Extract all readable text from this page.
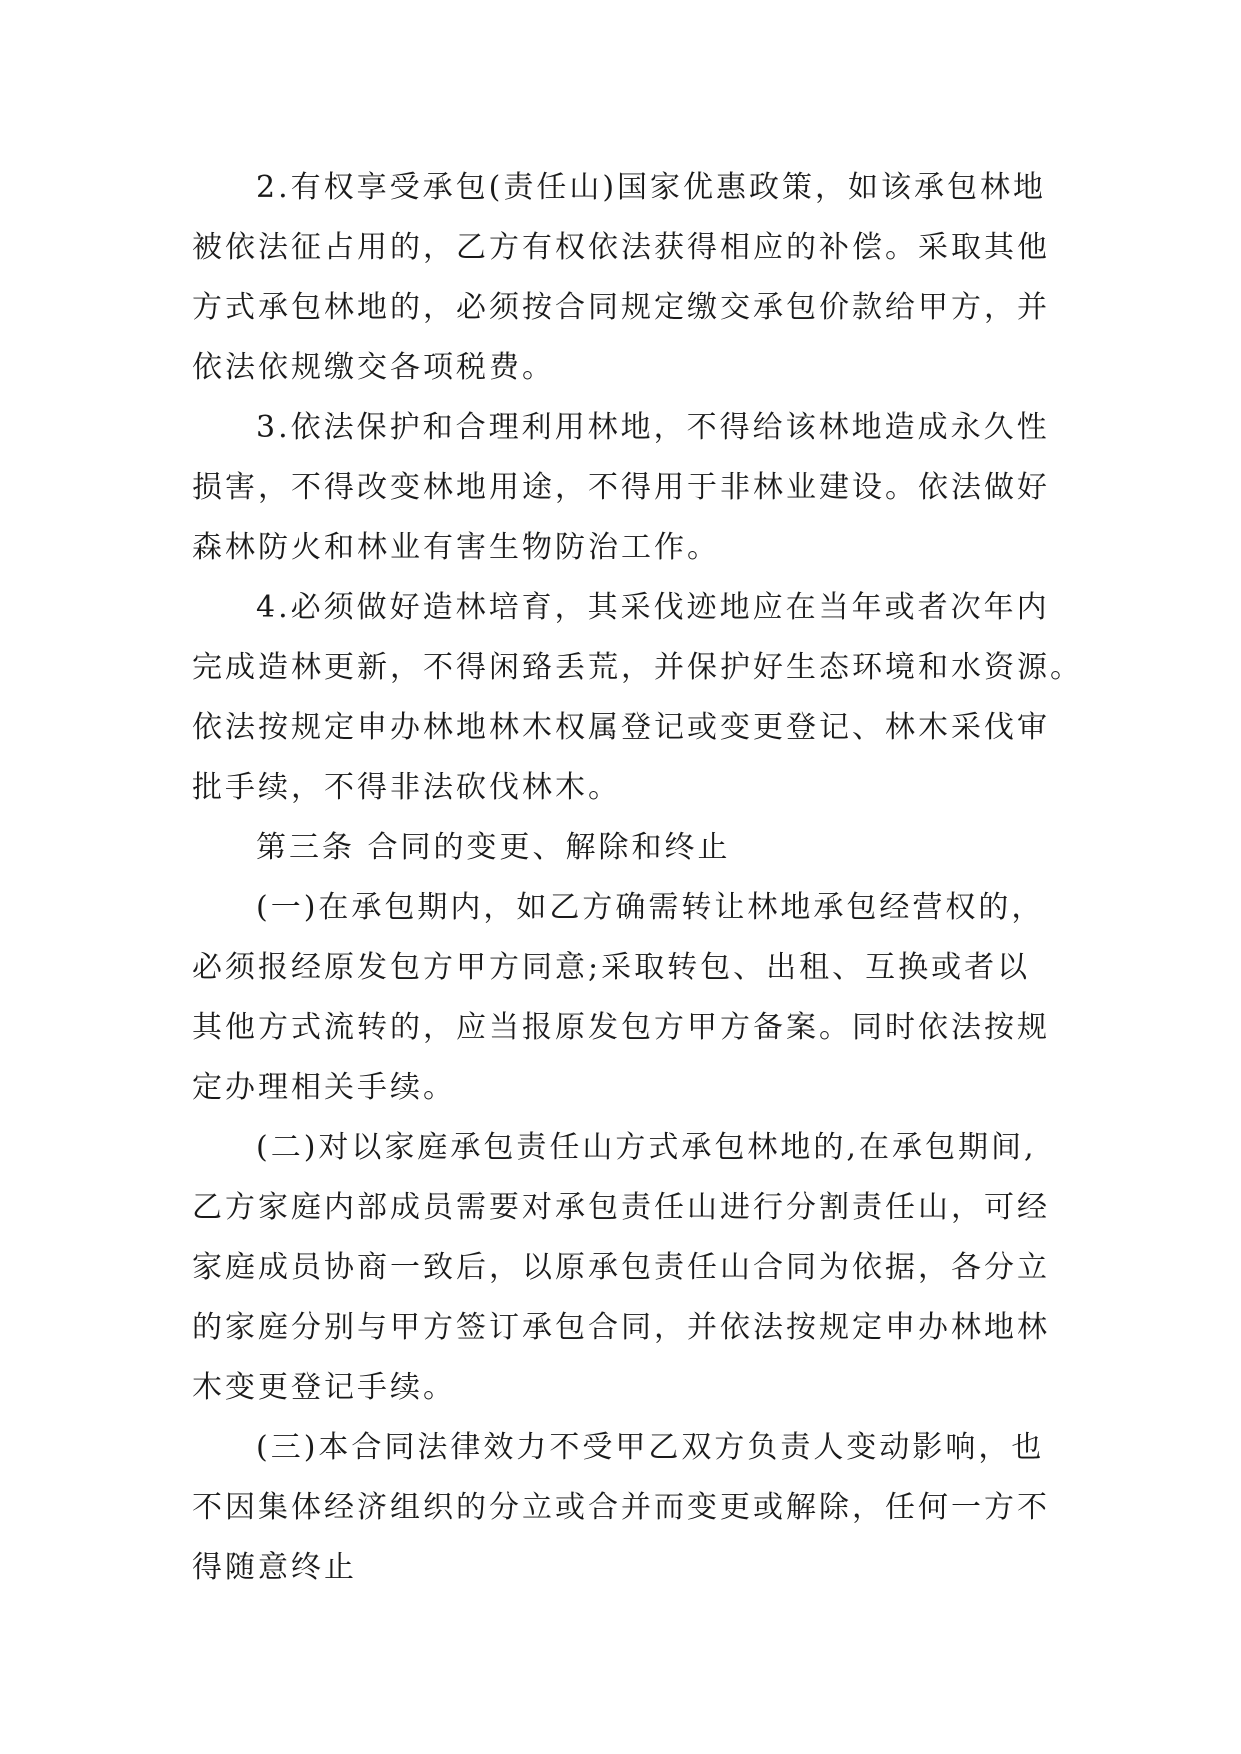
2.有权享受承包(责任山)国家优惠政策，如该承包林地
被依法征占用的，乙方有权依法获得相应的补偿。采取其他
方式承包林地的，必须按合同规定缴交承包价款给甲方，并
依法依规缴交各项税费。
3.依法保护和合理利用林地，不得给该林地造成永久性
损害，不得改变林地用途，不得用于非林业建设。依法做好
森林防火和林业有害生物防治工作。
4.必须做好造林培育，其采伐迹地应在当年或者次年内
完成造林更新，不得闲臵丢荒，并保护好生态环境和水资源。
依法按规定申办林地林木权属登记或变更登记、林木采伐审
批手续，不得非法砍伐林木。
第三条 合同的变更、解除和终止
(一)在承包期内，如乙方确需转让林地承包经营权的，
必须报经原发包方甲方同意;采取转包、出租、互换或者以
其他方式流转的，应当报原发包方甲方备案。同时依法按规
定办理相关手续。
(二)对以家庭承包责任山方式承包林地的,在承包期间,
乙方家庭内部成员需要对承包责任山进行分割责任山，可经
家庭成员协商一致后，以原承包责任山合同为依据，各分立
的家庭分别与甲方签订承包合同，并依法按规定申办林地林
木变更登记手续。
(三)本合同法律效力不受甲乙双方负责人变动影响，也
不因集体经济组织的分立或合并而变更或解除，任何一方不
得随意终止
